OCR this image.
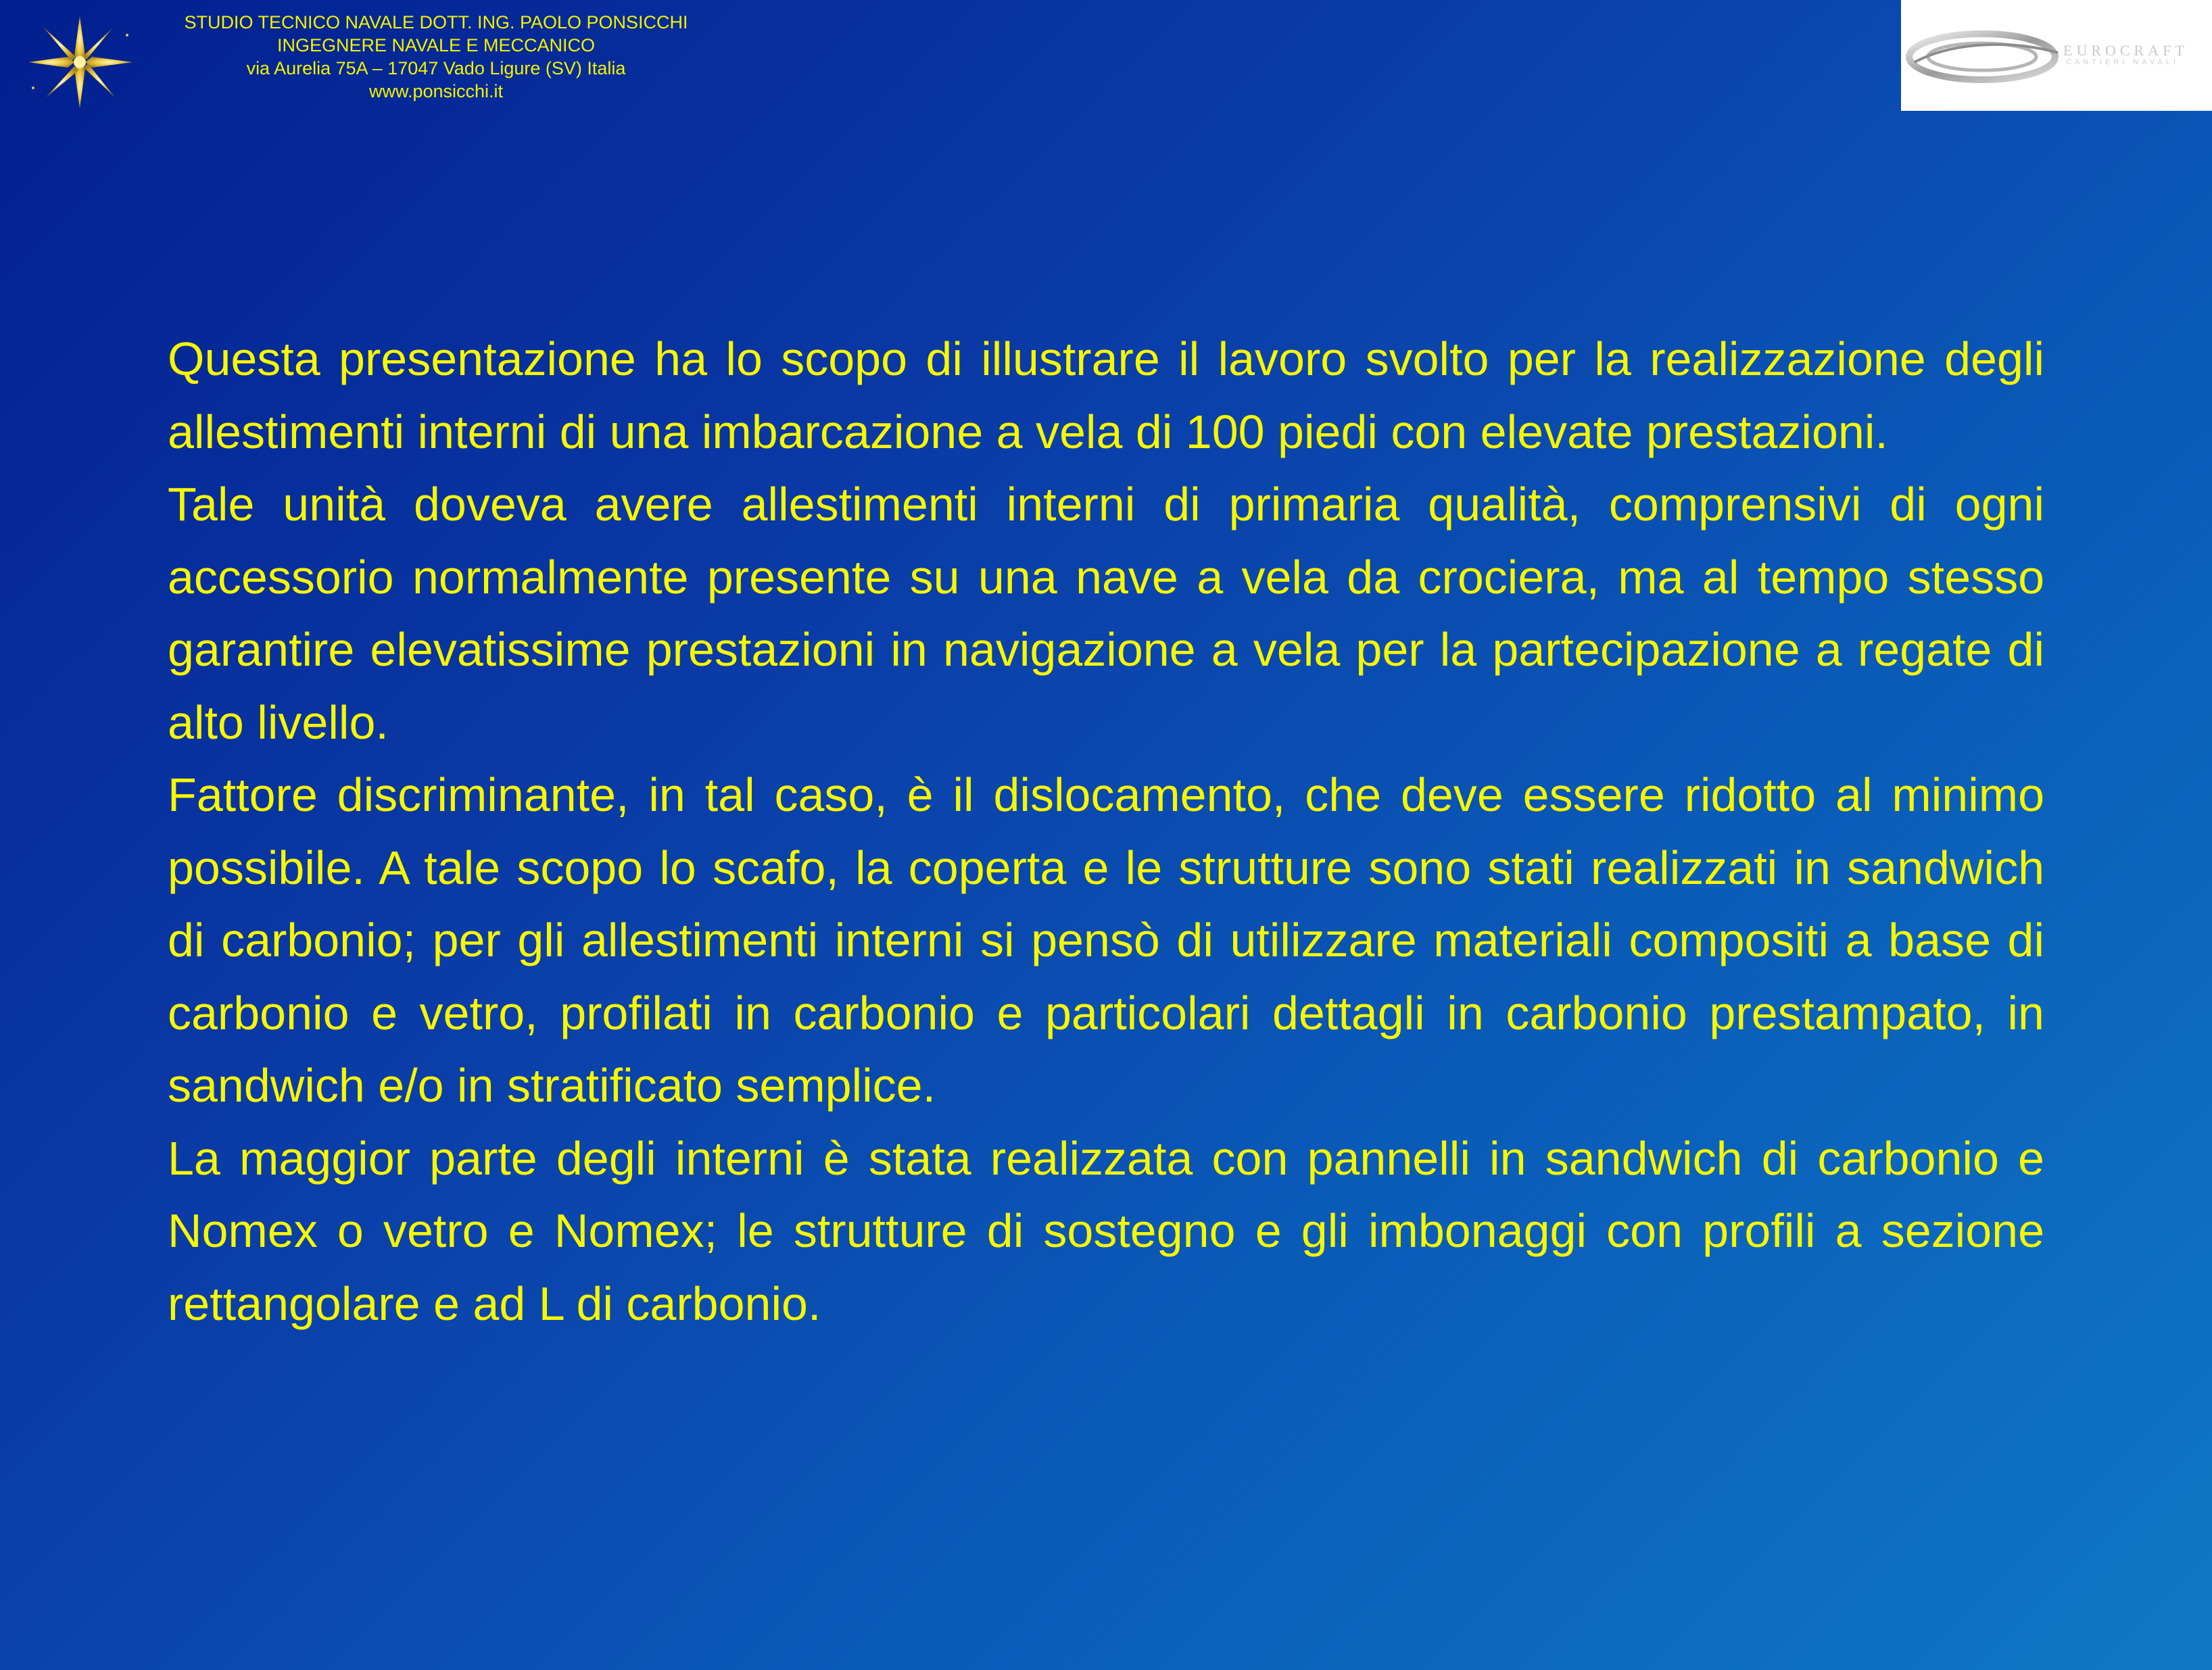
STUDIO TECNICO NAVALE DOTT. ING. PAOLO PONSICCHI
INGEGNERE NAVALE E MECCANICO
via Aurelia 75A – 17047 Vado Ligure (SV) Italia
www.ponsicchi.it
EUROCRAFT
CANTIERI NAVALI

Questa presentazione ha lo scopo di illustrare il lavoro svolto per la realizzazione degli allestimenti interni di una imbarcazione a vela di 100 piedi con elevate prestazioni.

Tale unità doveva avere allestimenti interni di primaria qualità, comprensivi di ogni accessorio normalmente presente su una nave a vela da crociera, ma al tempo stesso garantire elevatissime prestazioni in navigazione a vela per la partecipazione a regate di alto livello.

Fattore discriminante, in tal caso, è il dislocamento, che deve essere ridotto al minimo possibile. A tale scopo lo scafo, la coperta e le strutture sono stati realizzati in sandwich di carbonio; per gli allestimenti interni si pensò di utilizzare materiali compositi a base di carbonio e vetro, profilati in carbonio e particolari dettagli in carbonio prestampato, in sandwich e/o in stratificato semplice.

La maggior parte degli interni è stata realizzata con pannelli in sandwich di carbonio e Nomex o vetro e Nomex; le strutture di sostegno e gli imbonaggi con profili a sezione rettangolare e ad L di carbonio.
